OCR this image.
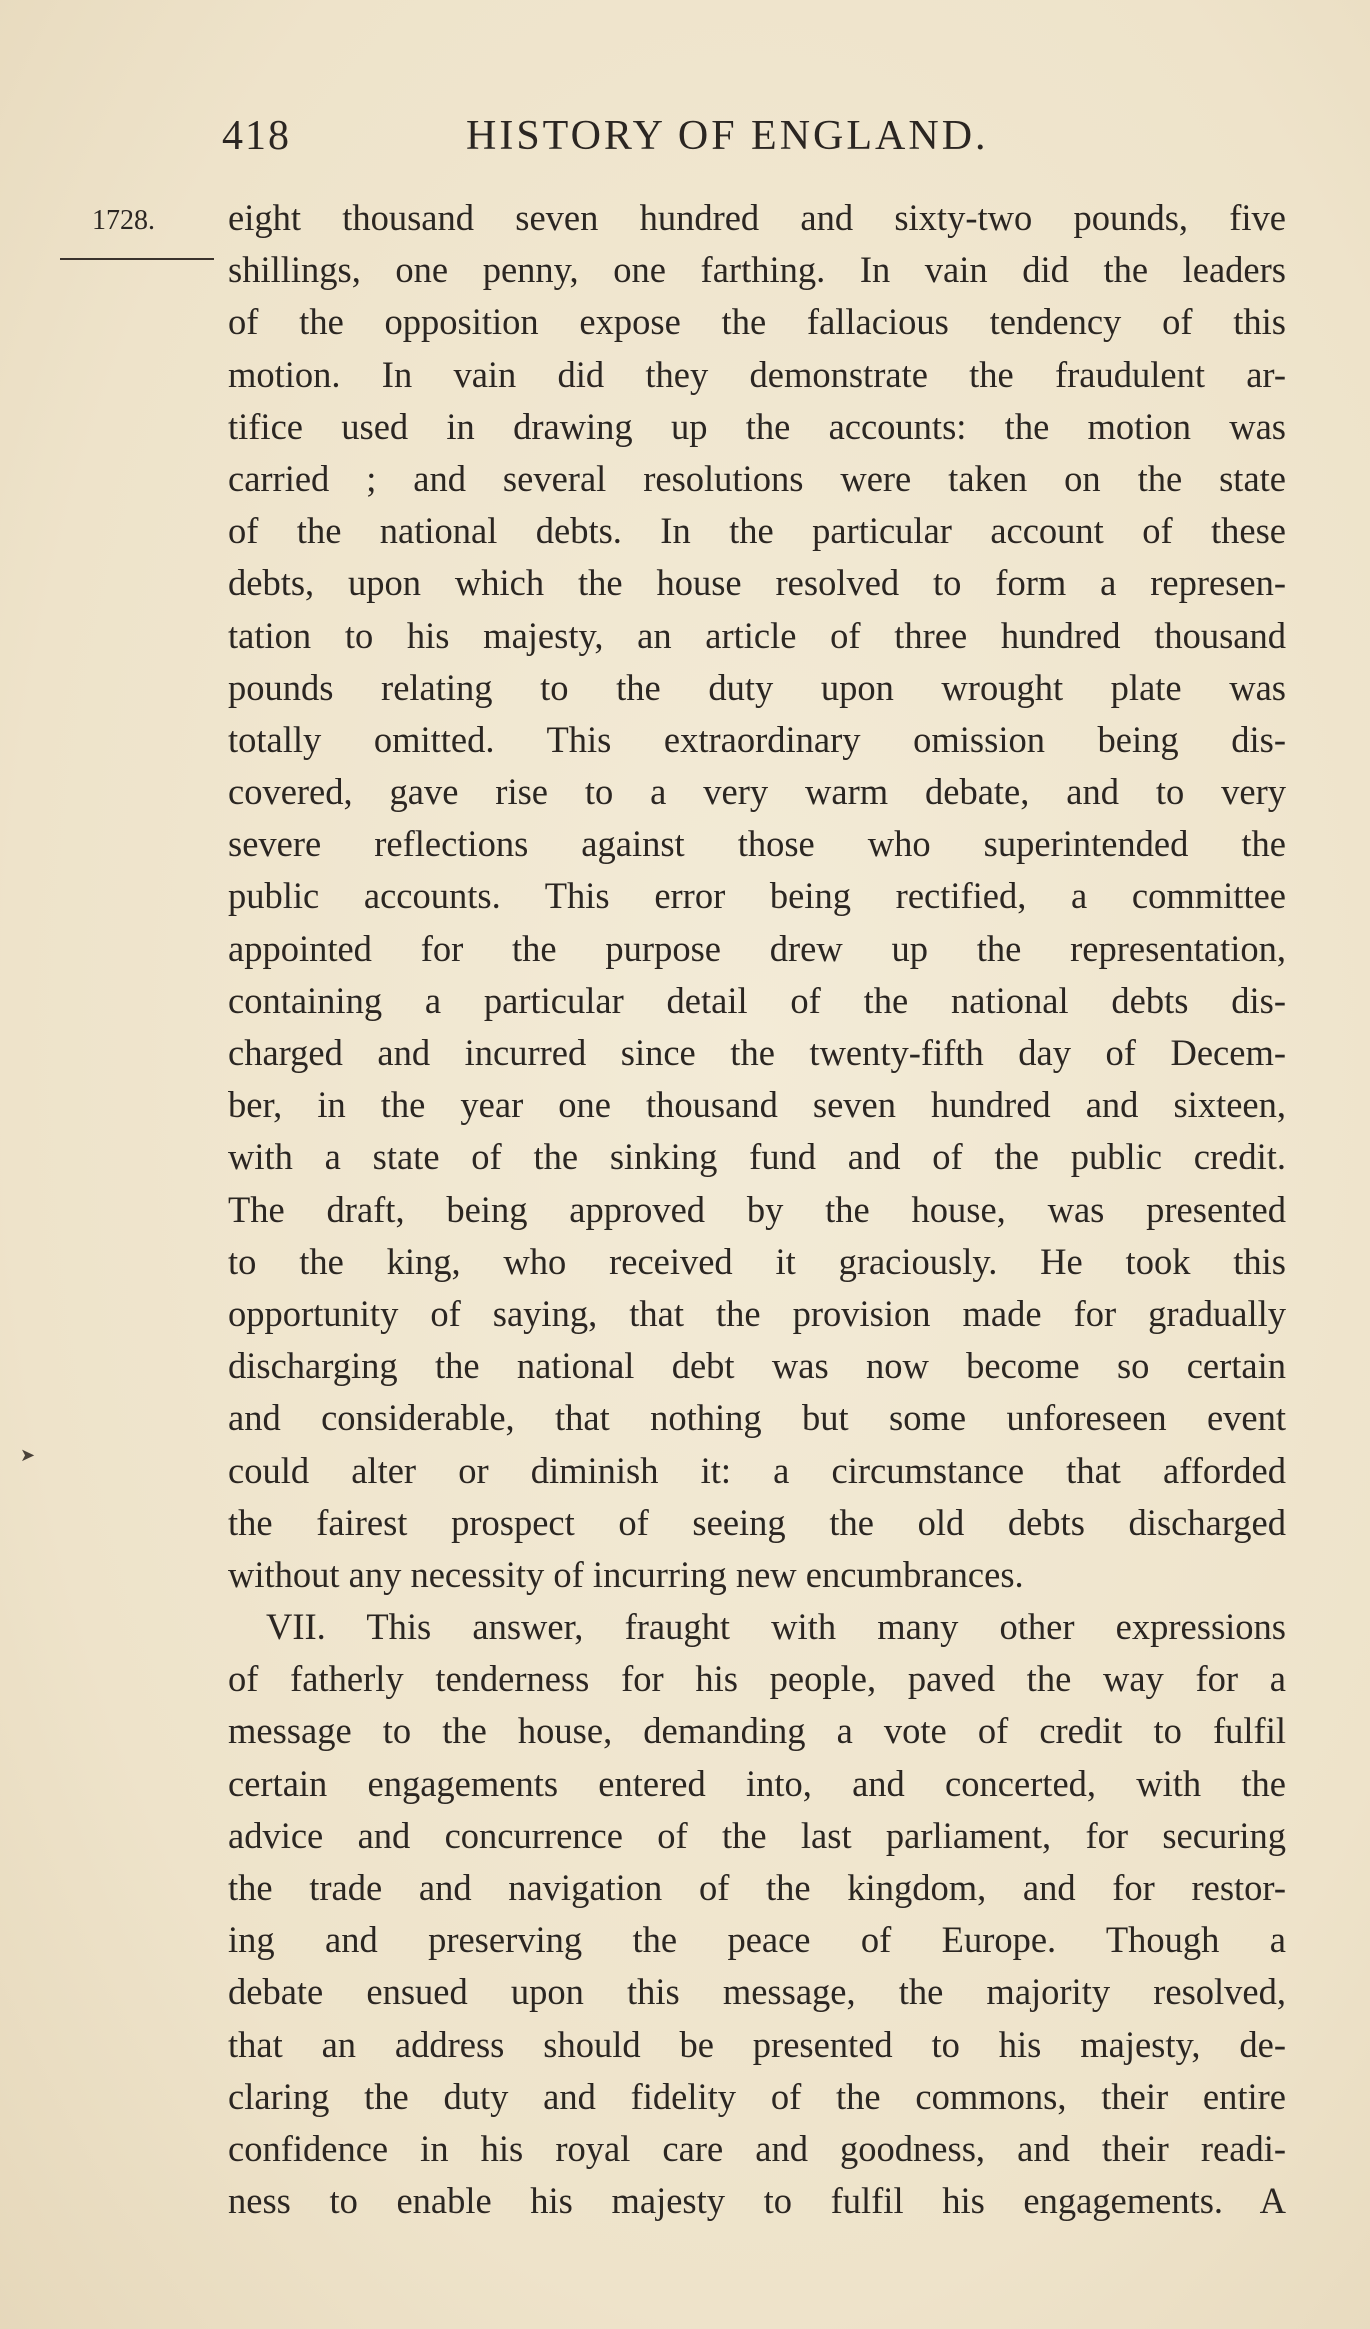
418	HISTORY OF ENGLAND.
1728.
➤
eight thousand seven hundred and sixty-two pounds, five
shillings, one penny, one farthing. In vain did the leaders
of the opposition expose the fallacious tendency of this
motion. In vain did they demonstrate the fraudulent ar-
tifice used in drawing up the accounts: the motion was
carried ; and several resolutions were taken on the state
of the national debts. In the particular account of these
debts, upon which the house resolved to form a represen-
tation to his majesty, an article of three hundred thousand
pounds relating to the duty upon wrought plate was
totally omitted. This extraordinary omission being dis-
covered, gave rise to a very warm debate, and to very
severe reflections against those who superintended the
public accounts. This error being rectified, a committee
appointed for the purpose drew up the representation,
containing a particular detail of the national debts dis-
charged and incurred since the twenty-fifth day of Decem-
ber, in the year one thousand seven hundred and sixteen,
with a state of the sinking fund and of the public credit.
The draft, being approved by the house, was presented
to the king, who received it graciously. He took this
opportunity of saying, that the provision made for gradually
discharging the national debt was now become so certain
and considerable, that nothing but some unforeseen event
could alter or diminish it: a circumstance that afforded
the fairest prospect of seeing the old debts discharged
without any necessity of incurring new encumbrances.
VII. This answer, fraught with many other expressions
of fatherly tenderness for his people, paved the way for a
message to the house, demanding a vote of credit to fulfil
certain engagements entered into, and concerted, with the
advice and concurrence of the last parliament, for securing
the trade and navigation of the kingdom, and for restor-
ing and preserving the peace of Europe. Though a
debate ensued upon this message, the majority resolved,
that an address should be presented to his majesty, de-
claring the duty and fidelity of the commons, their entire
confidence in his royal care and goodness, and their readi-
ness to enable his majesty to fulfil his engagements. A
